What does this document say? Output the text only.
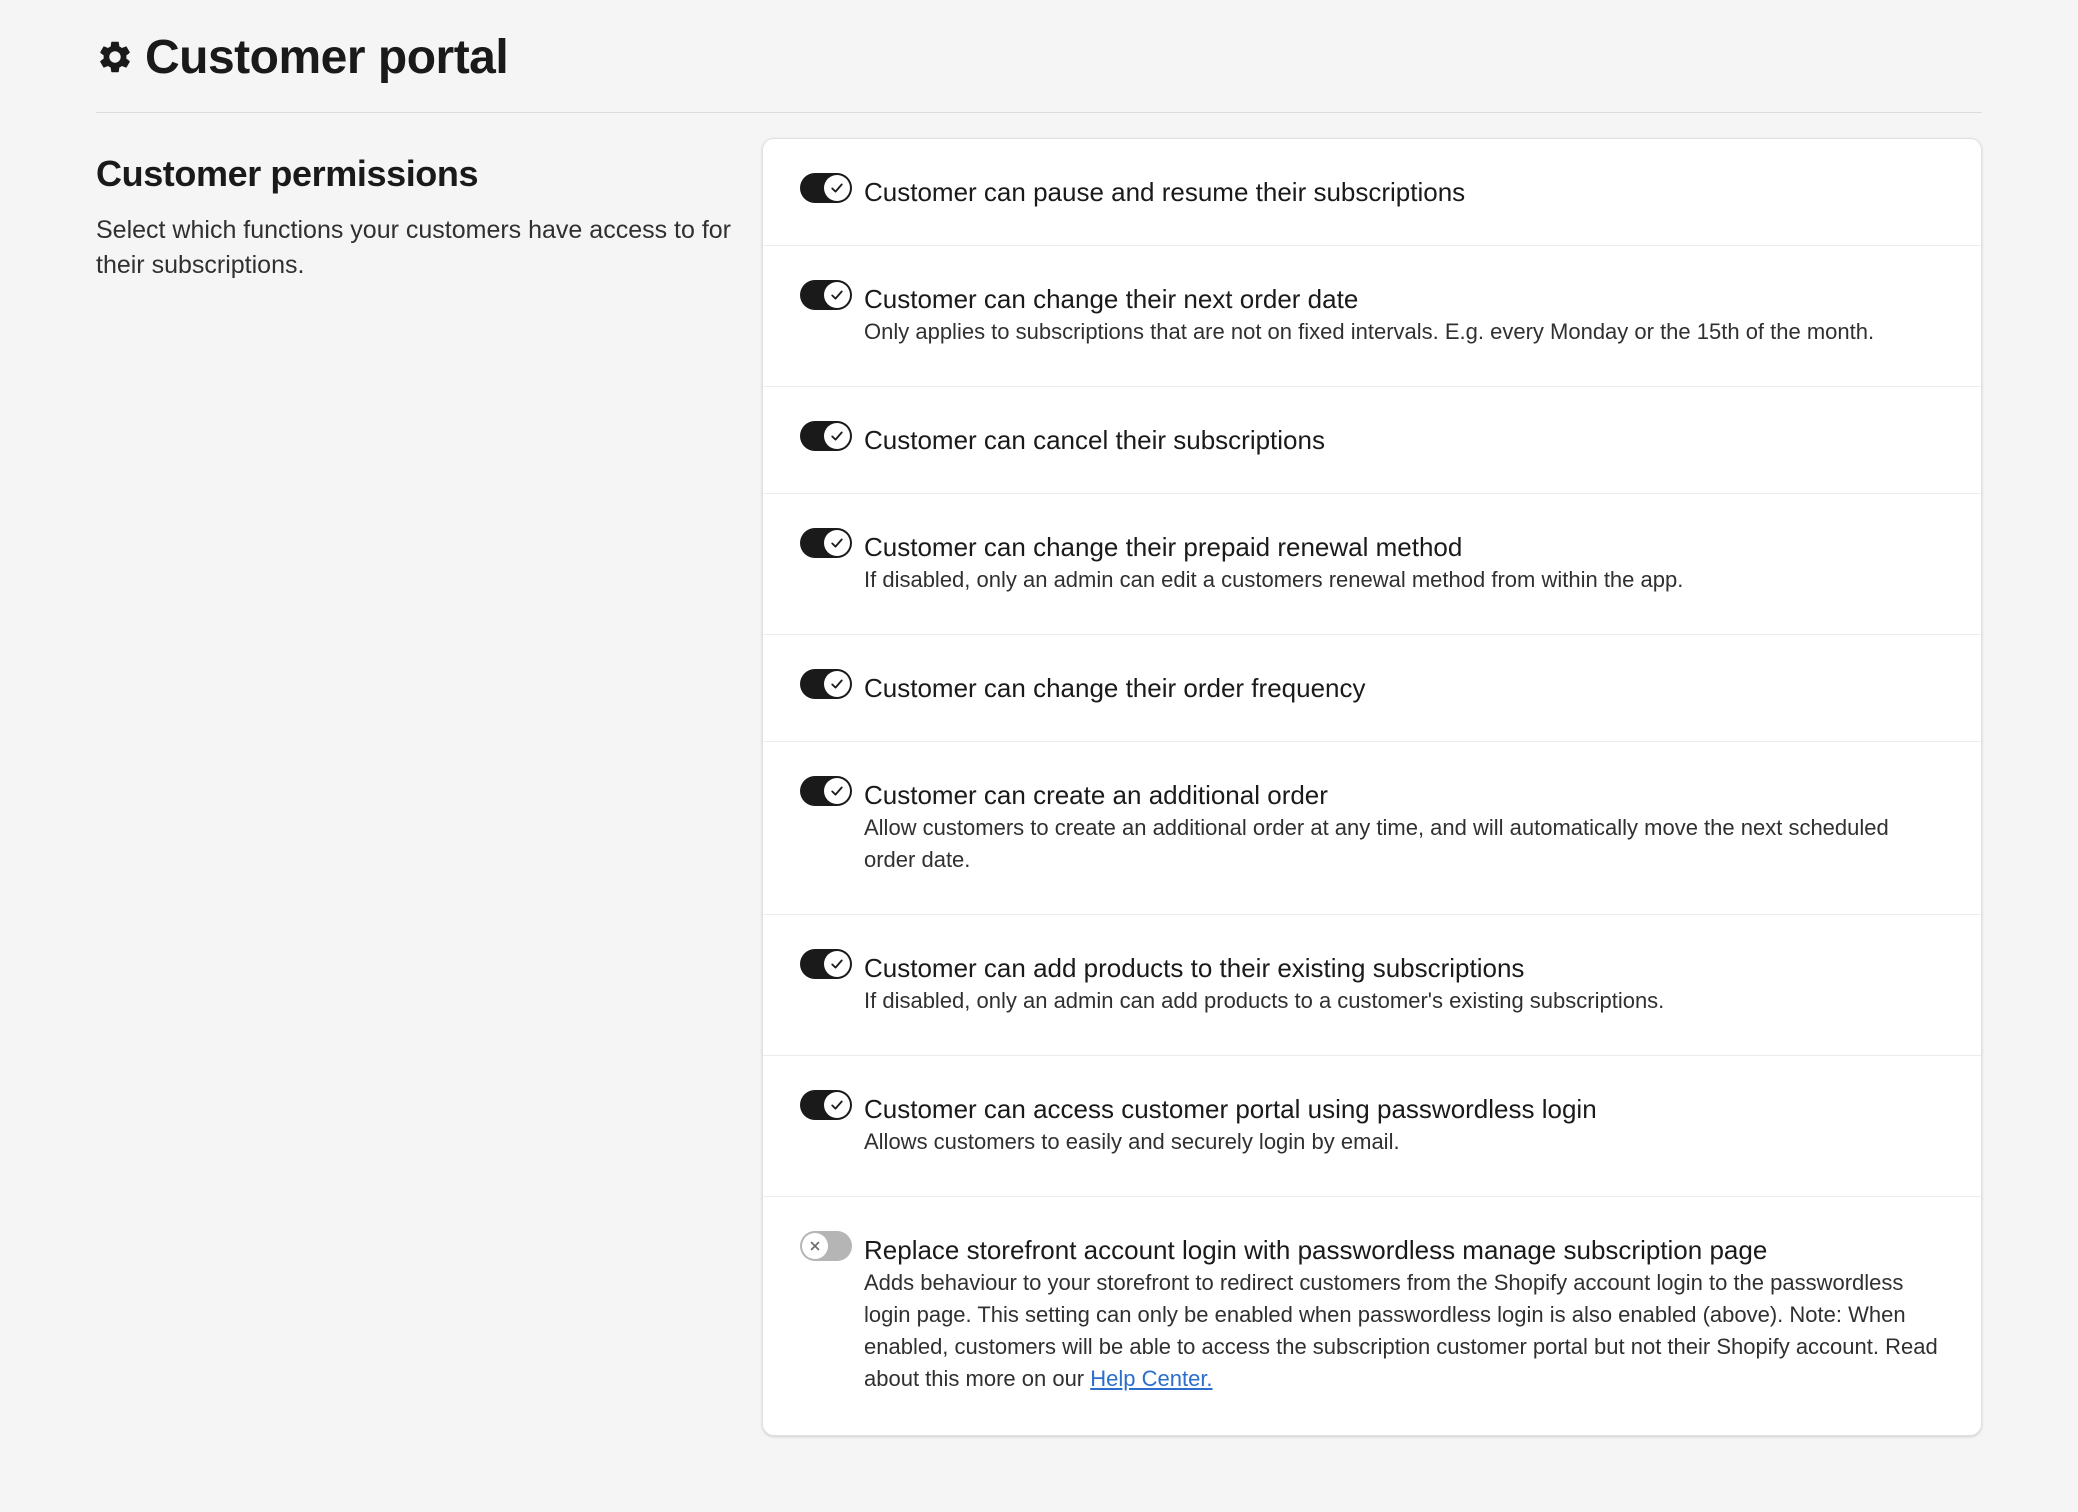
Customer portal
Customer permissions

Select which functions your customers have access to for their subscriptions.

Customer can pause and resume their subscriptions
Customer can change their next order date
Only applies to subscriptions that are not on fixed intervals. E.g. every Monday or the 15th of the month.
Customer can cancel their subscriptions
Customer can change their prepaid renewal method
If disabled, only an admin can edit a customers renewal method from within the app.
Customer can change their order frequency
Customer can create an additional order
Allow customers to create an additional order at any time, and will automatically move the next scheduled order date.
Customer can add products to their existing subscriptions
If disabled, only an admin can add products to a customer's existing subscriptions.
Customer can access customer portal using passwordless login
Allows customers to easily and securely login by email.
Replace storefront account login with passwordless manage subscription page
Adds behaviour to your storefront to redirect customers from the Shopify account login to the passwordless login page. This setting can only be enabled when passwordless login is also enabled (above). Note: When enabled, customers will be able to access the subscription customer portal but not their Shopify account. Read about this more on our Help Center.
